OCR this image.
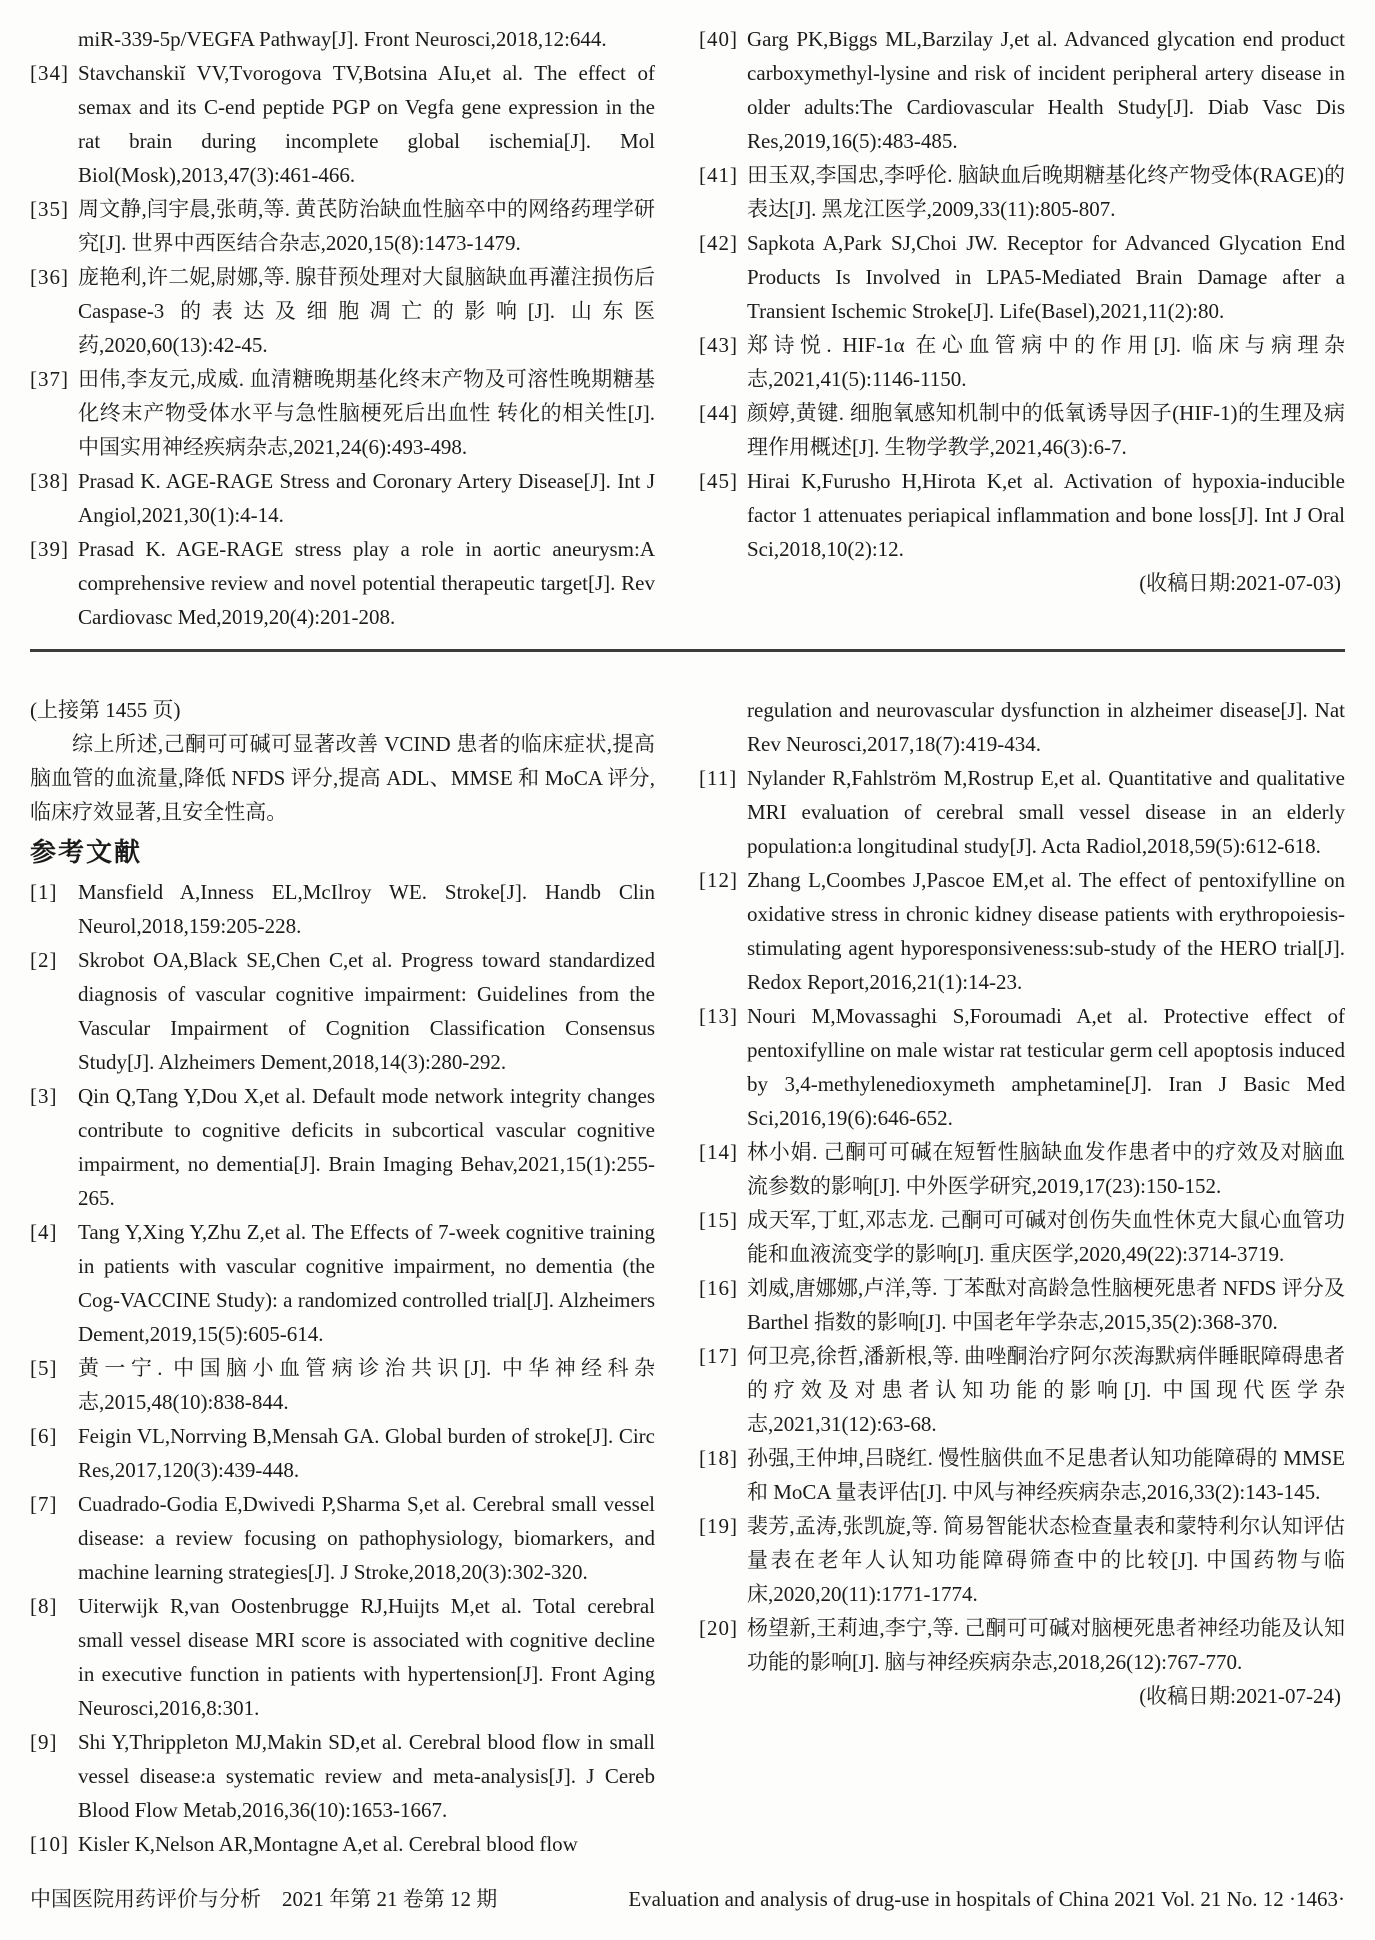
miR-339-5p/VEGFA Pathway[J]. Front Neurosci,2018,12:644.
[34] Stavchanskiĭ VV,Tvorogova TV,Botsina AIu,et al. The effect of semax and its C-end peptide PGP on Vegfa gene expression in the rat brain during incomplete global ischemia[J]. Mol Biol(Mosk),2013,47(3):461-466.
[35] 周文静,闫宇晨,张萌,等. 黄芪防治缺血性脑卒中的网络药理学研究[J]. 世界中西医结合杂志,2020,15(8):1473-1479.
[36] 庞艳利,许二妮,尉娜,等. 腺苷预处理对大鼠脑缺血再灌注损伤后 Caspase-3 的表达及细胞凋亡的影响[J]. 山东医药,2020,60(13):42-45.
[37] 田伟,李友元,成威. 血清糖晚期基化终末产物及可溶性晚期糖基化终末产物受体水平与急性脑梗死后出血性 转化的相关性[J]. 中国实用神经疾病杂志,2021,24(6):493-498.
[38] Prasad K. AGE-RAGE Stress and Coronary Artery Disease[J]. Int J Angiol,2021,30(1):4-14.
[39] Prasad K. AGE-RAGE stress play a role in aortic aneurysm:A comprehensive review and novel potential therapeutic target[J]. Rev Cardiovasc Med,2019,20(4):201-208.
[40] Garg PK,Biggs ML,Barzilay J,et al. Advanced glycation end product carboxymethyl-lysine and risk of incident peripheral artery disease in older adults:The Cardiovascular Health Study[J]. Diab Vasc Dis Res,2019,16(5):483-485.
[41] 田玉双,李国忠,李呼伦. 脑缺血后晚期糖基化终产物受体(RAGE)的表达[J]. 黑龙江医学,2009,33(11):805-807.
[42] Sapkota A,Park SJ,Choi JW. Receptor for Advanced Glycation End Products Is Involved in LPA5-Mediated Brain Damage after a Transient Ischemic Stroke[J]. Life(Basel),2021,11(2):80.
[43] 郑诗悦. HIF-1α 在心血管病中的作用[J]. 临床与病理杂志,2021,41(5):1146-1150.
[44] 颜婷,黄键. 细胞氧感知机制中的低氧诱导因子(HIF-1)的生理及病理作用概述[J]. 生物学教学,2021,46(3):6-7.
[45] Hirai K,Furusho H,Hirota K,et al. Activation of hypoxia-inducible factor 1 attenuates periapical inflammation and bone loss[J]. Int J Oral Sci,2018,10(2):12.
(收稿日期:2021-07-03)
(上接第 1455 页)

综上所述,己酮可可碱可显著改善 VCIND 患者的临床症状,提高脑血管的血流量,降低 NFDS 评分,提高 ADL、MMSE 和 MoCA 评分,临床疗效显著,且安全性高。

参考文献
[1] Mansfield A,Inness EL,McIlroy WE. Stroke[J]. Handb Clin Neurol,2018,159:205-228.
[2] Skrobot OA,Black SE,Chen C,et al. Progress toward standardized diagnosis of vascular cognitive impairment: Guidelines from the Vascular Impairment of Cognition Classification Consensus Study[J]. Alzheimers Dement,2018,14(3):280-292.
[3] Qin Q,Tang Y,Dou X,et al. Default mode network integrity changes contribute to cognitive deficits in subcortical vascular cognitive impairment, no dementia[J]. Brain Imaging Behav,2021,15(1):255-265.
[4] Tang Y,Xing Y,Zhu Z,et al. The Effects of 7-week cognitive training in patients with vascular cognitive impairment, no dementia (the Cog-VACCINE Study): a randomized controlled trial[J]. Alzheimers Dement,2019,15(5):605-614.
[5] 黄一宁. 中国脑小血管病诊治共识[J]. 中华神经科杂志,2015,48(10):838-844.
[6] Feigin VL,Norrving B,Mensah GA. Global burden of stroke[J]. Circ Res,2017,120(3):439-448.
[7] Cuadrado-Godia E,Dwivedi P,Sharma S,et al. Cerebral small vessel disease: a review focusing on pathophysiology, biomarkers, and machine learning strategies[J]. J Stroke,2018,20(3):302-320.
[8] Uiterwijk R,van Oostenbrugge RJ,Huijts M,et al. Total cerebral small vessel disease MRI score is associated with cognitive decline in executive function in patients with hypertension[J]. Front Aging Neurosci,2016,8:301.
[9] Shi Y,Thrippleton MJ,Makin SD,et al. Cerebral blood flow in small vessel disease:a systematic review and meta-analysis[J]. J Cereb Blood Flow Metab,2016,36(10):1653-1667.
[10] Kisler K,Nelson AR,Montagne A,et al. Cerebral blood flow
regulation and neurovascular dysfunction in alzheimer disease[J]. Nat Rev Neurosci,2017,18(7):419-434.
[11] Nylander R,Fahlström M,Rostrup E,et al. Quantitative and qualitative MRI evaluation of cerebral small vessel disease in an elderly population:a longitudinal study[J]. Acta Radiol,2018,59(5):612-618.
[12] Zhang L,Coombes J,Pascoe EM,et al. The effect of pentoxifylline on oxidative stress in chronic kidney disease patients with erythropoiesis-stimulating agent hyporesponsiveness:sub-study of the HERO trial[J]. Redox Report,2016,21(1):14-23.
[13] Nouri M,Movassaghi S,Foroumadi A,et al. Protective effect of pentoxifylline on male wistar rat testicular germ cell apoptosis induced by 3,4-methylenedioxymeth amphetamine[J]. Iran J Basic Med Sci,2016,19(6):646-652.
[14] 林小娟. 己酮可可碱在短暂性脑缺血发作患者中的疗效及对脑血流参数的影响[J]. 中外医学研究,2019,17(23):150-152.
[15] 成天军,丁虹,邓志龙. 己酮可可碱对创伤失血性休克大鼠心血管功能和血液流变学的影响[J]. 重庆医学,2020,49(22):3714-3719.
[16] 刘威,唐娜娜,卢洋,等. 丁苯酞对高龄急性脑梗死患者 NFDS 评分及 Barthel 指数的影响[J]. 中国老年学杂志,2015,35(2):368-370.
[17] 何卫亮,徐哲,潘新根,等. 曲唑酮治疗阿尔茨海默病伴睡眠障碍患者的疗效及对患者认知功能的影响[J]. 中国现代医学杂志,2021,31(12):63-68.
[18] 孙强,王仲坤,吕晓红. 慢性脑供血不足患者认知功能障碍的 MMSE 和 MoCA 量表评估[J]. 中风与神经疾病杂志,2016,33(2):143-145.
[19] 裴芳,孟涛,张凯旋,等. 简易智能状态检查量表和蒙特利尔认知评估量表在老年人认知功能障碍筛查中的比较[J]. 中国药物与临床,2020,20(11):1771-1774.
[20] 杨望新,王莉迪,李宁,等. 己酮可可碱对脑梗死患者神经功能及认知功能的影响[J]. 脑与神经疾病杂志,2018,26(12):767-770.
(收稿日期:2021-07-24)
中国医院用药评价与分析　2021 年第 21 卷第 12 期	Evaluation and analysis of drug-use in hospitals of China 2021 Vol. 21 No. 12 ·1463·
